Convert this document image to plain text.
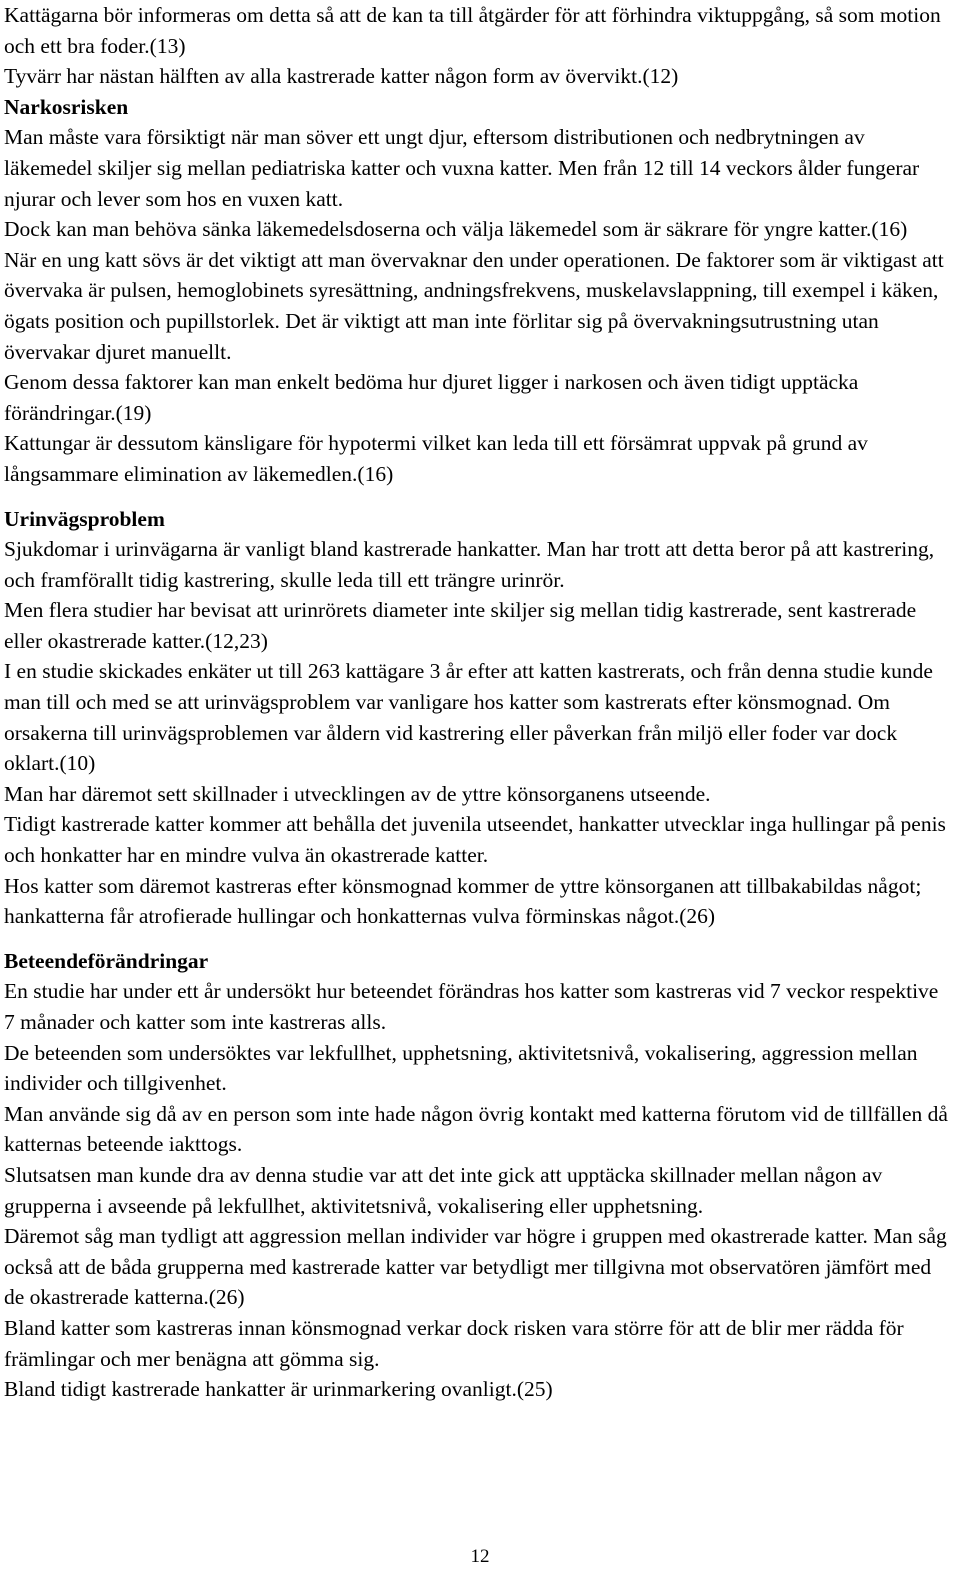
Kattägarna bör informeras om detta så att de kan ta till åtgärder för att förhindra viktuppgång, så som motion och ett bra foder.(13)

Tyvärr har nästan hälften av alla kastrerade katter någon form av övervikt.(12)

Narkosrisken

Man måste vara försiktigt när man söver ett ungt djur, eftersom distributionen och nedbrytningen av läkemedel skiljer sig mellan pediatriska katter och vuxna katter. Men från 12 till 14 veckors ålder fungerar njurar och lever som hos en vuxen katt.

Dock kan man behöva sänka läkemedelsdoserna och välja läkemedel som är säkrare för yngre katter.(16)

När en ung katt sövs är det viktigt att man övervaknar den under operationen. De faktorer som är viktigast att övervaka är pulsen, hemoglobinets syresättning, andningsfrekvens, muskelavslappning, till exempel i käken, ögats position och pupillstorlek. Det är viktigt att man inte förlitar sig på övervakningsutrustning utan övervakar djuret manuellt.

Genom dessa faktorer kan man enkelt bedöma hur djuret ligger i narkosen och även tidigt upptäcka förändringar.(19)

Kattungar är dessutom känsligare för hypotermi vilket kan leda till ett försämrat uppvak på grund av långsammare elimination av läkemedlen.(16)

Urinvägsproblem

Sjukdomar i urinvägarna är vanligt bland kastrerade hankatter. Man har trott att detta beror på att kastrering, och framförallt tidig kastrering, skulle leda till ett trängre urinrör.

Men flera studier har bevisat att urinrörets diameter inte skiljer sig mellan tidig kastrerade, sent kastrerade eller okastrerade katter.(12,23)

I en studie skickades enkäter ut till 263 kattägare 3 år efter att katten kastrerats, och från denna studie kunde man till och med se att urinvägsproblem var vanligare hos katter som kastrerats efter könsmognad. Om orsakerna till urinvägsproblemen var åldern vid kastrering eller påverkan från miljö eller foder var dock oklart.(10)

Man har däremot sett skillnader i utvecklingen av de yttre könsorganens utseende.

Tidigt kastrerade katter kommer att behålla det juvenila utseendet, hankatter utvecklar inga hullingar på penis och honkatter har en mindre vulva än okastrerade katter.

Hos katter som däremot kastreras efter könsmognad kommer de yttre könsorganen att tillbakabildas något; hankatterna får atrofierade hullingar och honkatternas vulva förminskas något.(26)

Beteendeförändringar

En studie har under ett år undersökt hur beteendet förändras hos katter som kastreras vid 7 veckor respektive 7 månader och katter som inte kastreras alls.

De beteenden som undersöktes var lekfullhet, upphetsning, aktivitetsnivå, vokalisering, aggression mellan individer och tillgivenhet.

Man använde sig då av en person som inte hade någon övrig kontakt med katterna förutom vid de tillfällen då katternas beteende iakttogs.

Slutsatsen man kunde dra av denna studie var att det inte gick att upptäcka skillnader mellan någon av grupperna i avseende på lekfullhet, aktivitetsnivå, vokalisering eller upphetsning.

Däremot såg man tydligt att aggression mellan individer var högre i gruppen med okastrerade katter. Man såg också att de båda grupperna med kastrerade katter var betydligt mer tillgivna mot observatören jämfört med de okastrerade katterna.(26)

Bland katter som kastreras innan könsmognad verkar dock risken vara större för att de blir mer rädda för främlingar och mer benägna att gömma sig.

Bland tidigt kastrerade hankatter är urinmarkering ovanligt.(25)

12
